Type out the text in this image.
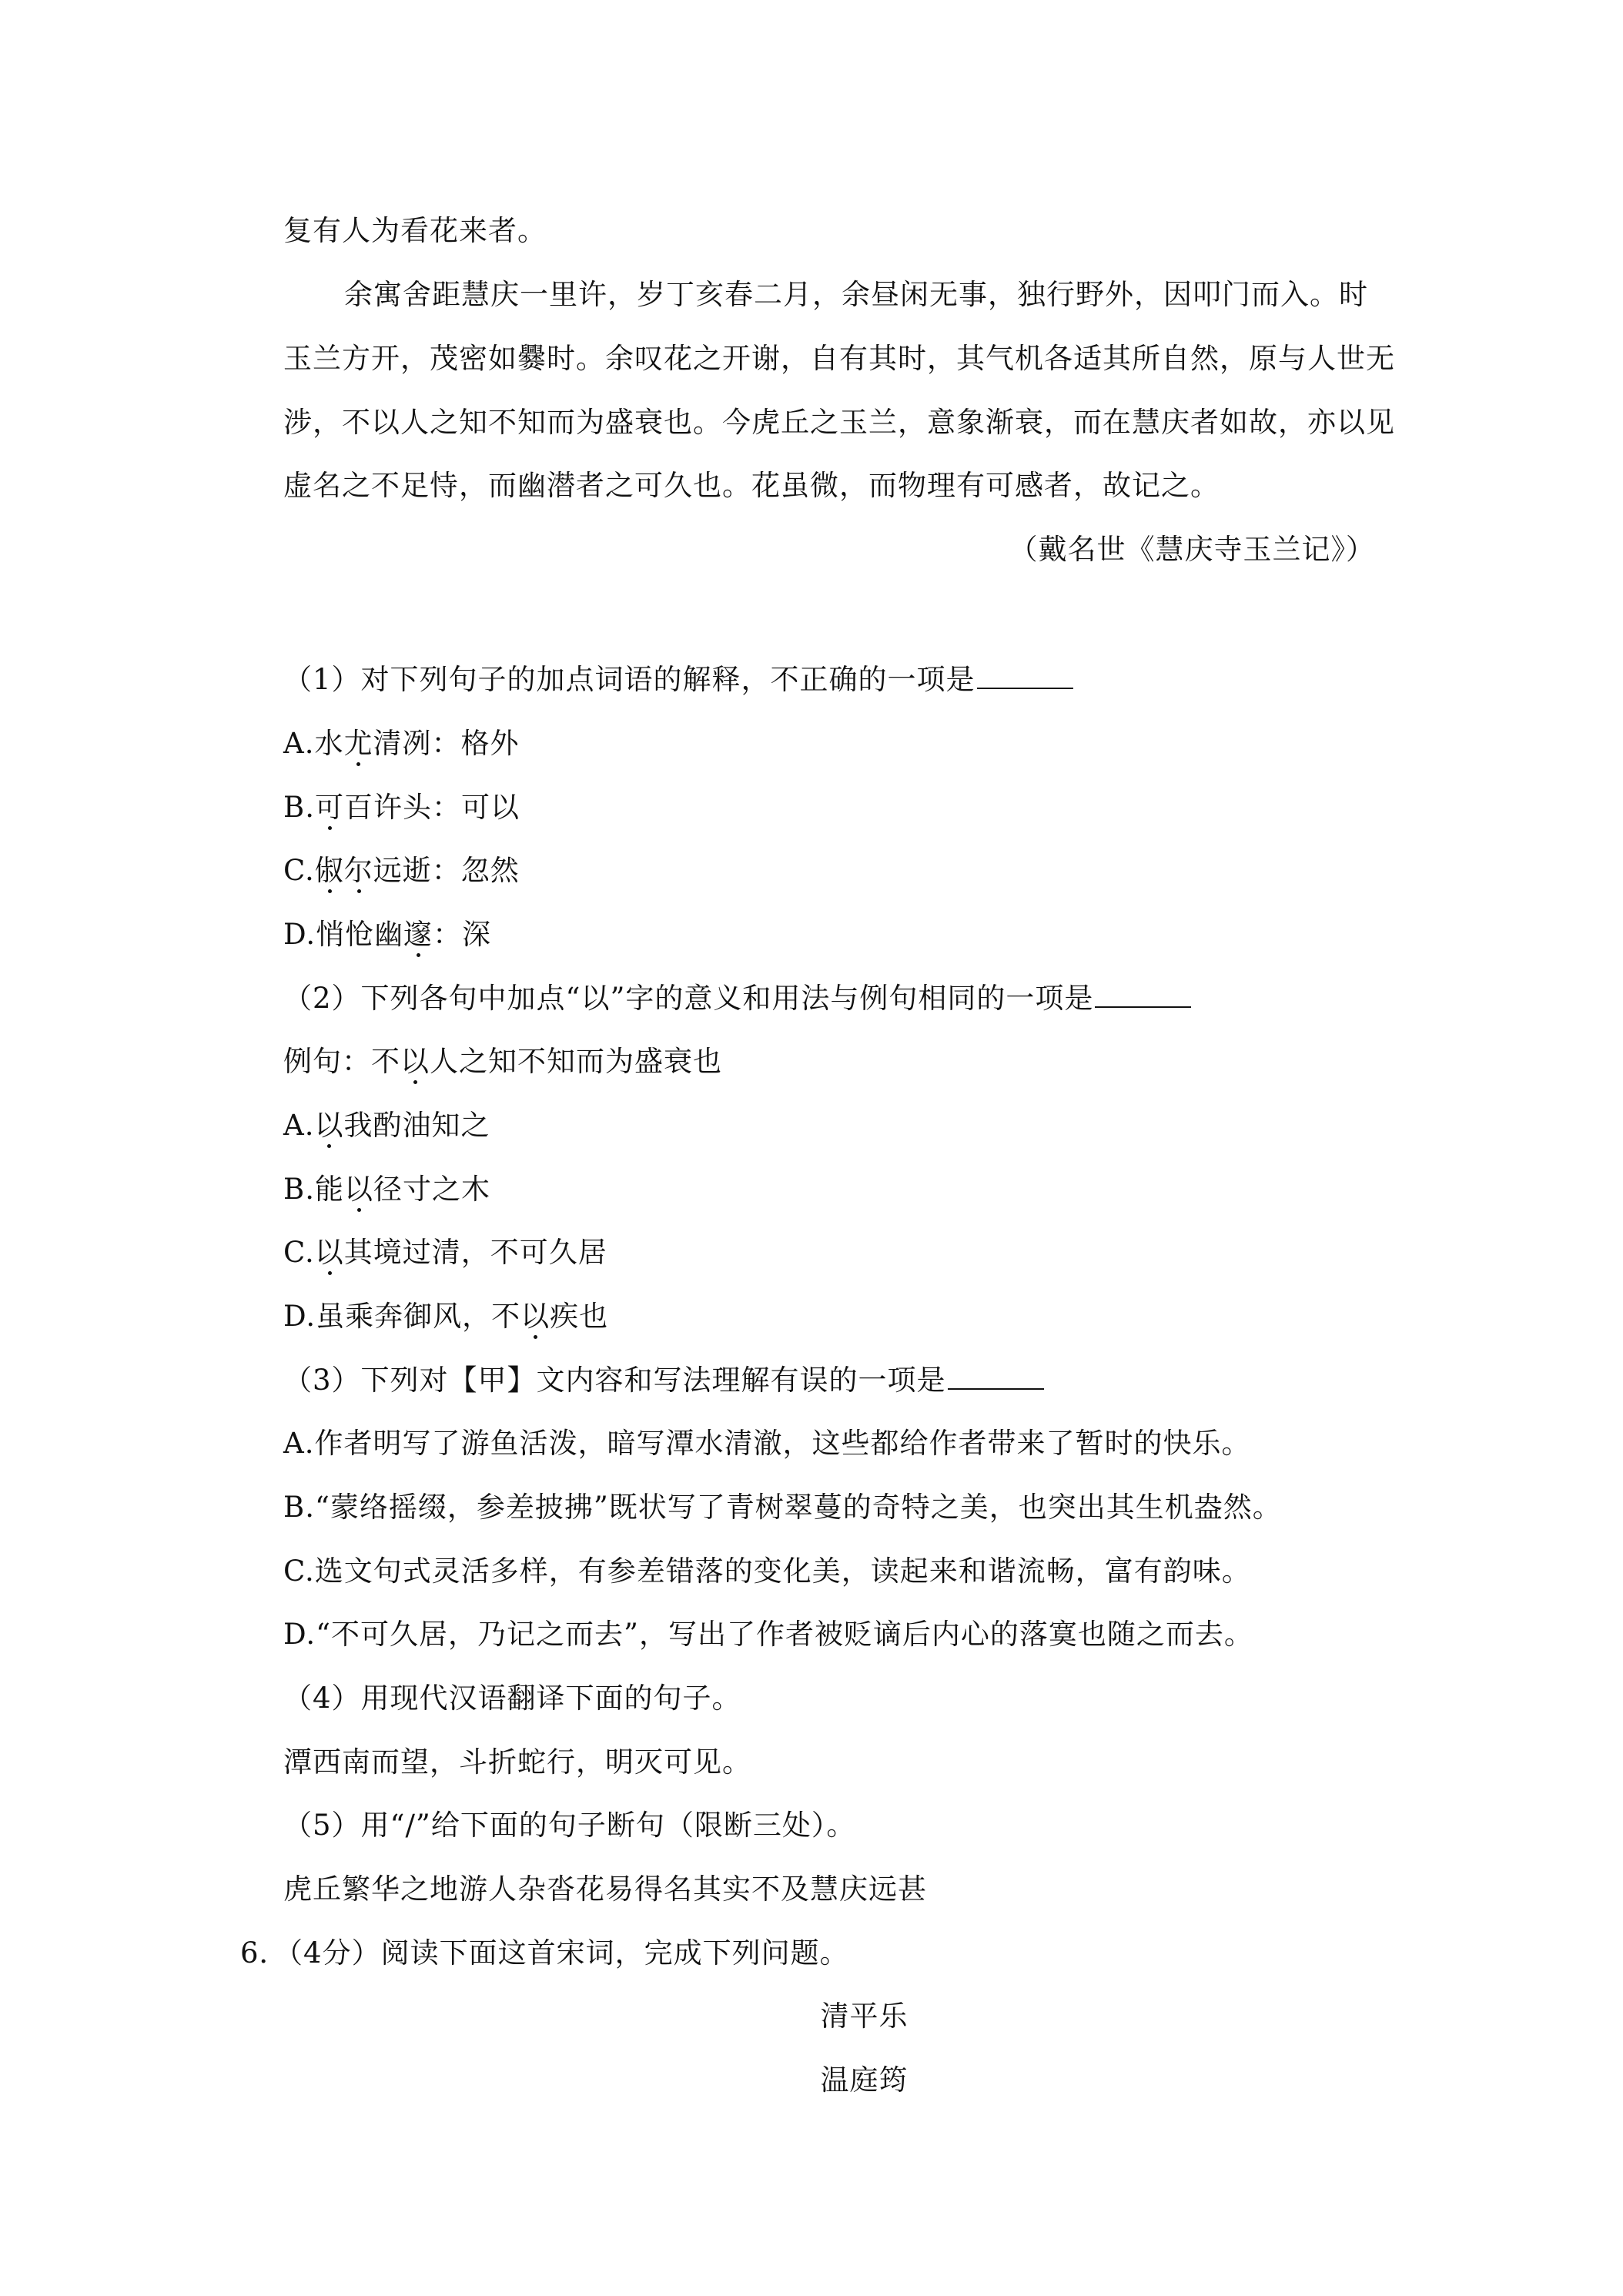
复有人为看花来者。
余寓舍距慧庆一里许，岁丁亥春二月，余昼闲无事，独行野外，因叩门而入。时
玉兰方开，茂密如爨时。余叹花之开谢，自有其时，其气机各适其所自然，原与人世无
涉，不以人之知不知而为盛衰也。今虎丘之玉兰，意象渐衰，而在慧庆者如故，亦以见
虚名之不足恃，而幽潜者之可久也。花虽微，而物理有可感者，故记之。
（戴名世《慧庆寺玉兰记》）
（1）对下列句子的加点词语的解释，不正确的一项是
A.水尤清冽：格外
B.可百许头：可以
C.俶尔远逝：忽然
D.悄怆幽邃：深
（2）下列各句中加点“以”字的意义和用法与例句相同的一项是
例句：不以人之知不知而为盛衰也
A.以我酌油知之
B.能以径寸之木
C.以其境过清，不可久居
D.虽乘奔御风，不以疾也
（3）下列对【甲】文内容和写法理解有误的一项是
A.作者明写了游鱼活泼，暗写潭水清澈，这些都给作者带来了暂时的快乐。
B.“蒙络摇缀，参差披拂”既状写了青树翠蔓的奇特之美，也突出其生机盎然。
C.选文句式灵活多样，有参差错落的变化美，读起来和谐流畅，富有韵味。
D.“不可久居，乃记之而去”，写出了作者被贬谪后内心的落寞也随之而去。
（4）用现代汉语翻译下面的句子。
潭西南而望，斗折蛇行，明灭可见。
（5）用“/”给下面的句子断句（限断三处）。
虎丘繁华之地游人杂沓花易得名其实不及慧庆远甚
6．（4分）阅读下面这首宋词，完成下列问题。
清平乐
温庭筠
